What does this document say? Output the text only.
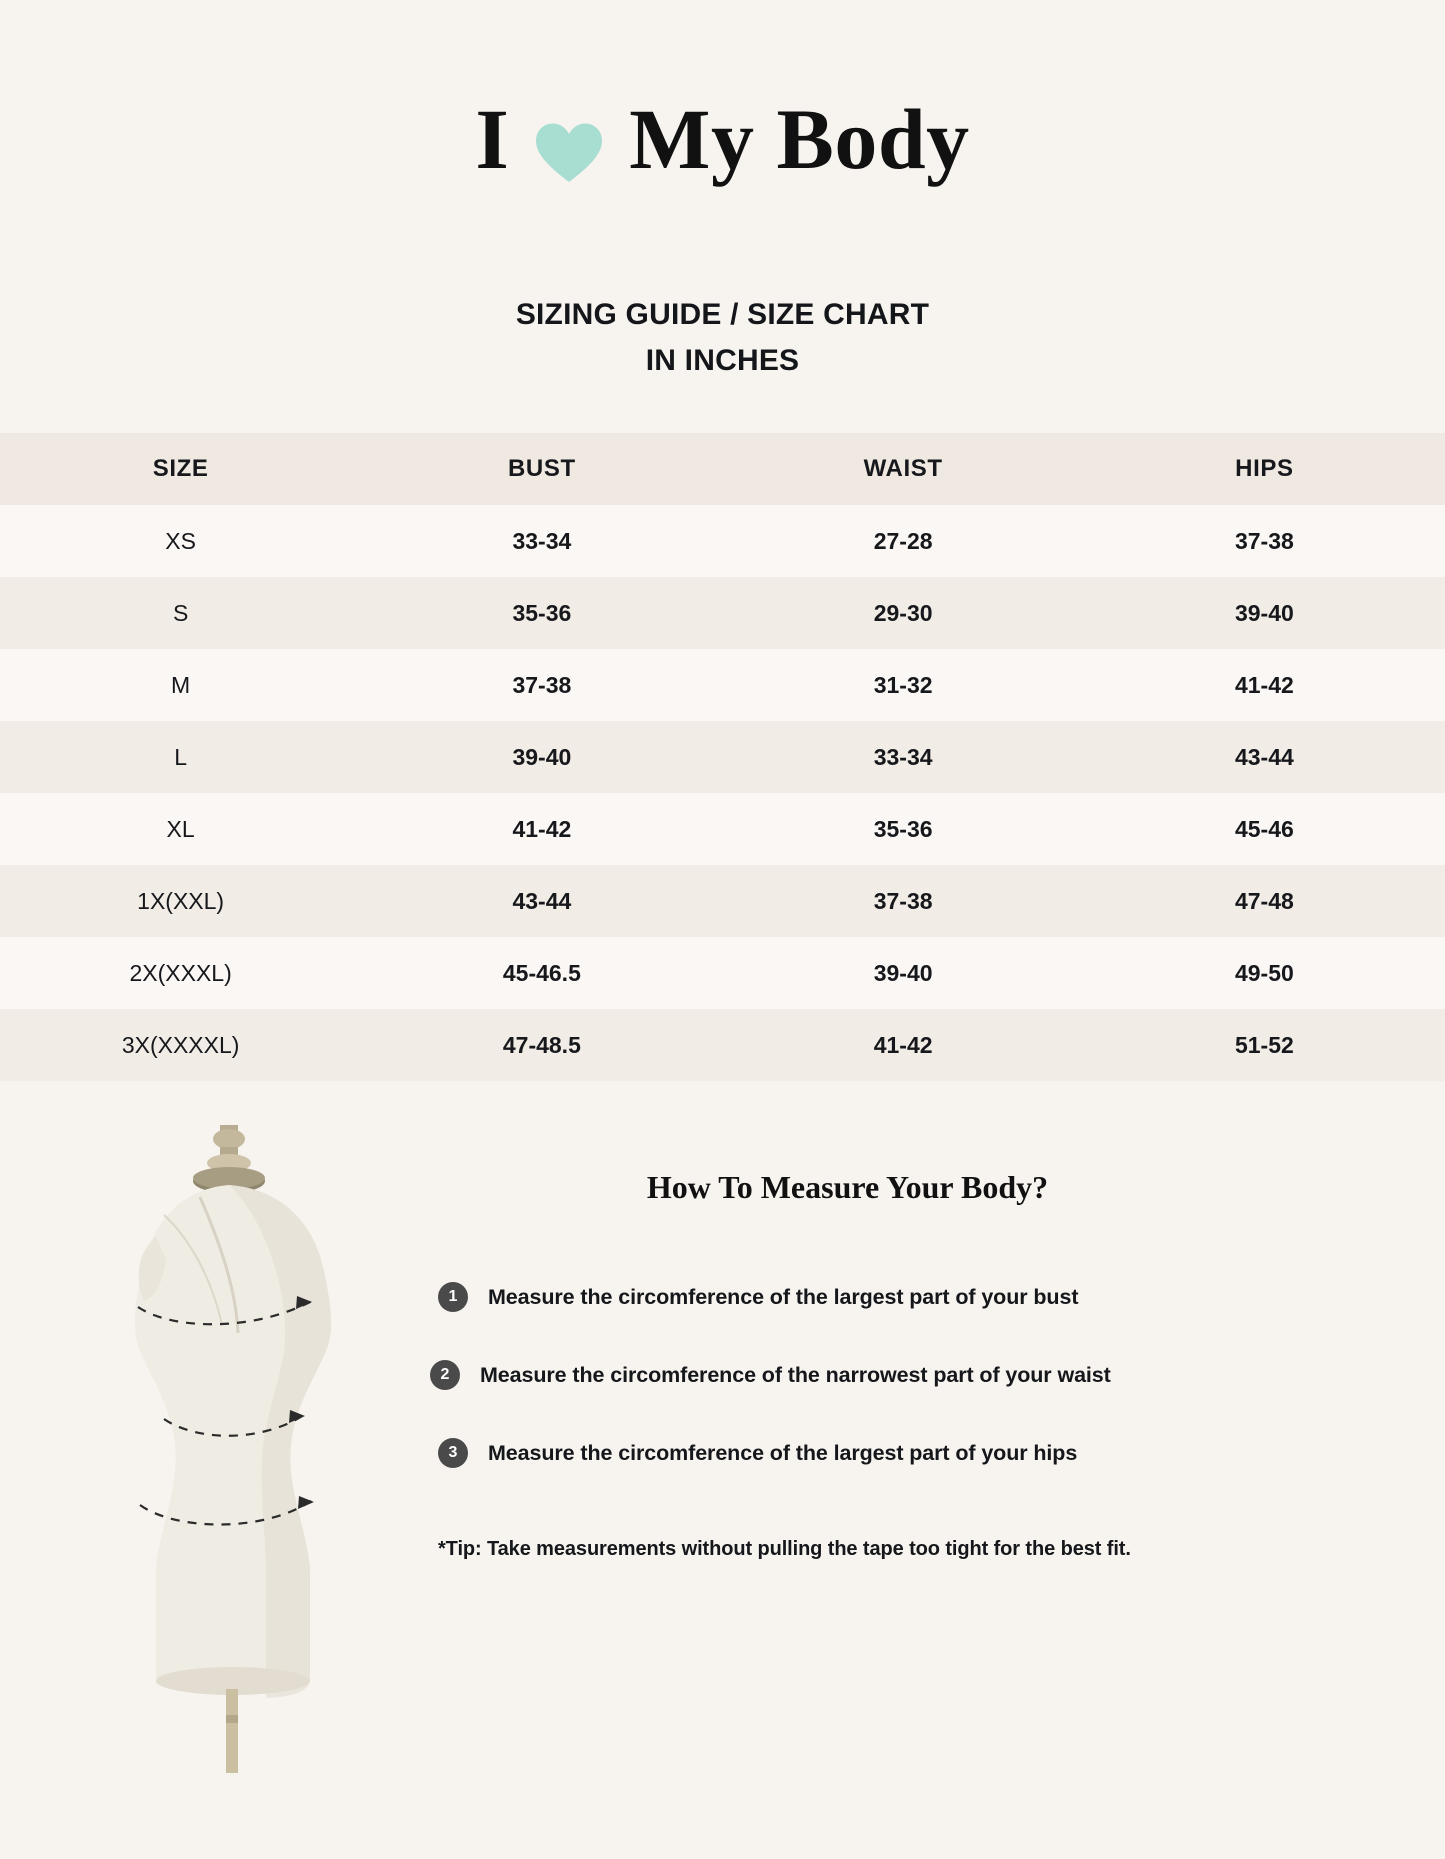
I My Body
SIZING GUIDE / SIZE CHART
IN INCHES
SIZE	BUST	WAIST	HIPS
XS	33-34	27-28	37-38
S	35-36	29-30	39-40
M	37-38	31-32	41-42
L	39-40	33-34	43-44
XL	41-42	35-36	45-46
1X(XXL)	43-44	37-38	47-48
2X(XXXL)	45-46.5	39-40	49-50
3X(XXXXL)	47-48.5	41-42	51-52
How To Measure Your Body?
1	Measure the circomference of the largest part of your bust
2	Measure the circomference of the narrowest part of your waist
3	Measure the circomference of the largest part of your hips
*Tip: Take measurements without pulling the tape too tight for the best fit.
